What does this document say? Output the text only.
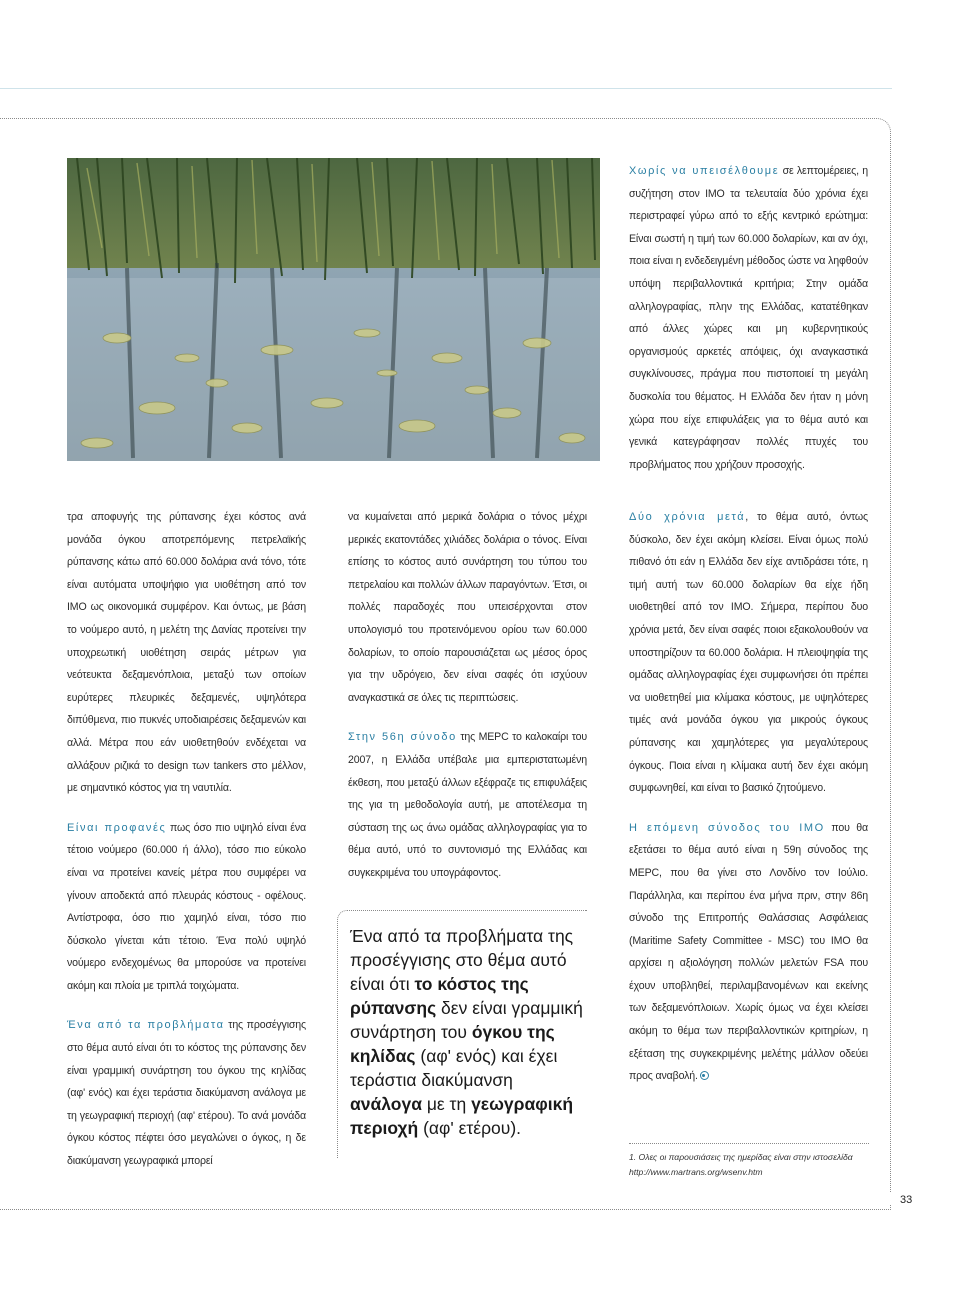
33

Χωρίς να υπεισέλθουμε σε λεπτομέρειες, η συζήτηση στον ΙΜΟ τα τελευταία δύο χρόνια έχει περιστραφεί γύρω από το εξής κεντρικό ερώτημα: Είναι σωστή η τιμή των 60.000 δολαρίων, και αν όχι, ποια είναι η ενδεδειγμένη μέθοδος ώστε να ληφθούν υπόψη περιβαλλοντικά κριτήρια; Στην ομάδα αλληλογραφίας, πλην της Ελλάδας, κατατέθηκαν από άλλες χώρες και μη κυβερνητικούς οργανισμούς αρκετές απόψεις, όχι αναγκαστικά συγκλίνουσες, πράγμα που πιστοποιεί τη μεγάλη δυσκολία του θέματος. Η Ελλάδα δεν ήταν η μόνη χώρα που είχε επιφυλάξεις για το θέμα αυτό και γενικά κατεγράφησαν πολλές πτυχές του προβλήματος που χρήζουν προσοχής.

τρα αποφυγής της ρύπανσης έχει κόστος ανά μονάδα όγκου αποτρεπόμενης πετρελαϊκής ρύπανσης κάτω από 60.000 δολάρια ανά τόνο, τότε είναι αυτόματα υποψήφιο για υιοθέτηση από τον ΙΜΟ ως οικονομικά συμφέρον. Και όντως, με βάση το νούμερο αυτό, η μελέτη της Δανίας προτείνει την υποχρεωτική υιοθέτηση σειράς μέτρων για νεότευκτα δεξαμενόπλοια, μεταξύ των οποίων ευρύτερες πλευρικές δεξαμενές, υψηλότερα διπύθμενα, πιο πυκνές υποδιαιρέσεις δεξαμενών και αλλά. Μέτρα που εάν υιοθετηθούν ενδέχεται να αλλάξουν ριζικά το design των tankers στο μέλλον, με σημαντικό κόστος για τη ναυτιλία.

Είναι προφανές πως όσο πιο υψηλό είναι ένα τέτοιο νούμερο (60.000 ή άλλο), τόσο πιο εύκολο είναι να προτείνει κανείς μέτρα που συμφέρει να γίνουν αποδεκτά από πλευράς κόστους - οφέλους. Αντίστροφα, όσο πιο χαμηλό είναι, τόσο πιο δύσκολο γίνεται κάτι τέτοιο. Ένα πολύ υψηλό νούμερο ενδεχομένως θα μπορούσε να προτείνει ακόμη και πλοία με τριπλά τοιχώματα.

Ένα από τα προβλήματα της προσέγγισης στο θέμα αυτό είναι ότι το κόστος της ρύπανσης δεν είναι γραμμική συνάρτηση του όγκου της κηλίδας (αφ' ενός) και έχει τεράστια διακύμανση ανάλογα με τη γεωγραφική περιοχή (αφ' ετέρου). Το ανά μονάδα όγκου κόστος πέφτει όσο μεγαλώνει ο όγκος, η δε διακύμανση γεωγραφικά μπορεί

να κυμαίνεται από μερικά δολάρια ο τόνος μέχρι μερικές εκατοντάδες χιλιάδες δολάρια ο τόνος. Είναι επίσης το κόστος αυτό συνάρτηση του τύπου του πετρελαίου και πολλών άλλων παραγόντων. Έτσι, οι πολλές παραδοχές που υπεισέρχονται στον υπολογισμό του προτεινόμενου ορίου των 60.000 δολαρίων, το οποίο παρουσιάζεται ως μέσος όρος για την υδρόγειο, δεν είναι σαφές ότι ισχύουν αναγκαστικά σε όλες τις περιπτώσεις.

Στην 56η σύνοδο της MEPC το καλοκαίρι του 2007, η Ελλάδα υπέβαλε μια εμπεριστατωμένη έκθεση, που μεταξύ άλλων εξέφραζε τις επιφυλάξεις της για τη μεθοδολογία αυτή, με αποτέλεσμα τη σύσταση της ως άνω ομάδας αλληλογραφίας για το θέμα αυτό, υπό το συντονισμό της Ελλάδας και συγκεκριμένα του υπογράφοντος.

Ένα από τα προβλήματα της προσέγγισης στο θέμα αυτό είναι ότι το κόστος της ρύπανσης δεν είναι γραμμική συνάρτηση του όγκου της κηλίδας (αφ' ενός) και έχει τεράστια διακύμανση ανάλογα με τη γεωγραφική περιοχή (αφ' ετέρου).

Δύο χρόνια μετά, το θέμα αυτό, όντως δύσκολο, δεν έχει ακόμη κλείσει. Είναι όμως πολύ πιθανό ότι εάν η Ελλάδα δεν είχε αντιδράσει τότε, η τιμή αυτή των 60.000 δολαρίων θα είχε ήδη υιοθετηθεί από τον ΙΜΟ. Σήμερα, περίπου δυο χρόνια μετά, δεν είναι σαφές ποιοι εξακολουθούν να υποστηρίζουν τα 60.000 δολάρια. Η πλειοψηφία της ομάδας αλληλογραφίας έχει συμφωνήσει ότι πρέπει να υιοθετηθεί μια κλίμακα κόστους, με υψηλότερες τιμές ανά μονάδα όγκου για μικρούς όγκους ρύπανσης και χαμηλότερες για μεγαλύτερους όγκους. Ποια είναι η κλίμακα αυτή δεν έχει ακόμη συμφωνηθεί, και είναι το βασικό ζητούμενο.

Η επόμενη σύνοδος του ΙΜΟ που θα εξετάσει το θέμα αυτό είναι η 59η σύνοδος της MEPC, που θα γίνει στο Λονδίνο τον Ιούλιο. Παράλληλα, και περίπου ένα μήνα πριν, στην 86η σύνοδο της Επιτροπής Θαλάσσιας Ασφάλειας (Maritime Safety Committee - MSC) του ΙΜΟ θα αρχίσει η αξιολόγηση πολλών μελετών FSA που έχουν υποβληθεί, περιλαμβανομένων και εκείνης των δεξαμενόπλοιων. Χωρίς όμως να έχει κλείσει ακόμη το θέμα των περιβαλλοντικών κριτηρίων, η εξέταση της συγκεκριμένης μελέτης μάλλον οδεύει προς αναβολή.

1. Ολες οι παρουσιάσεις της ημερίδας είναι στην ιστοσελίδα
http://www.martrans.org/wsenv.htm
